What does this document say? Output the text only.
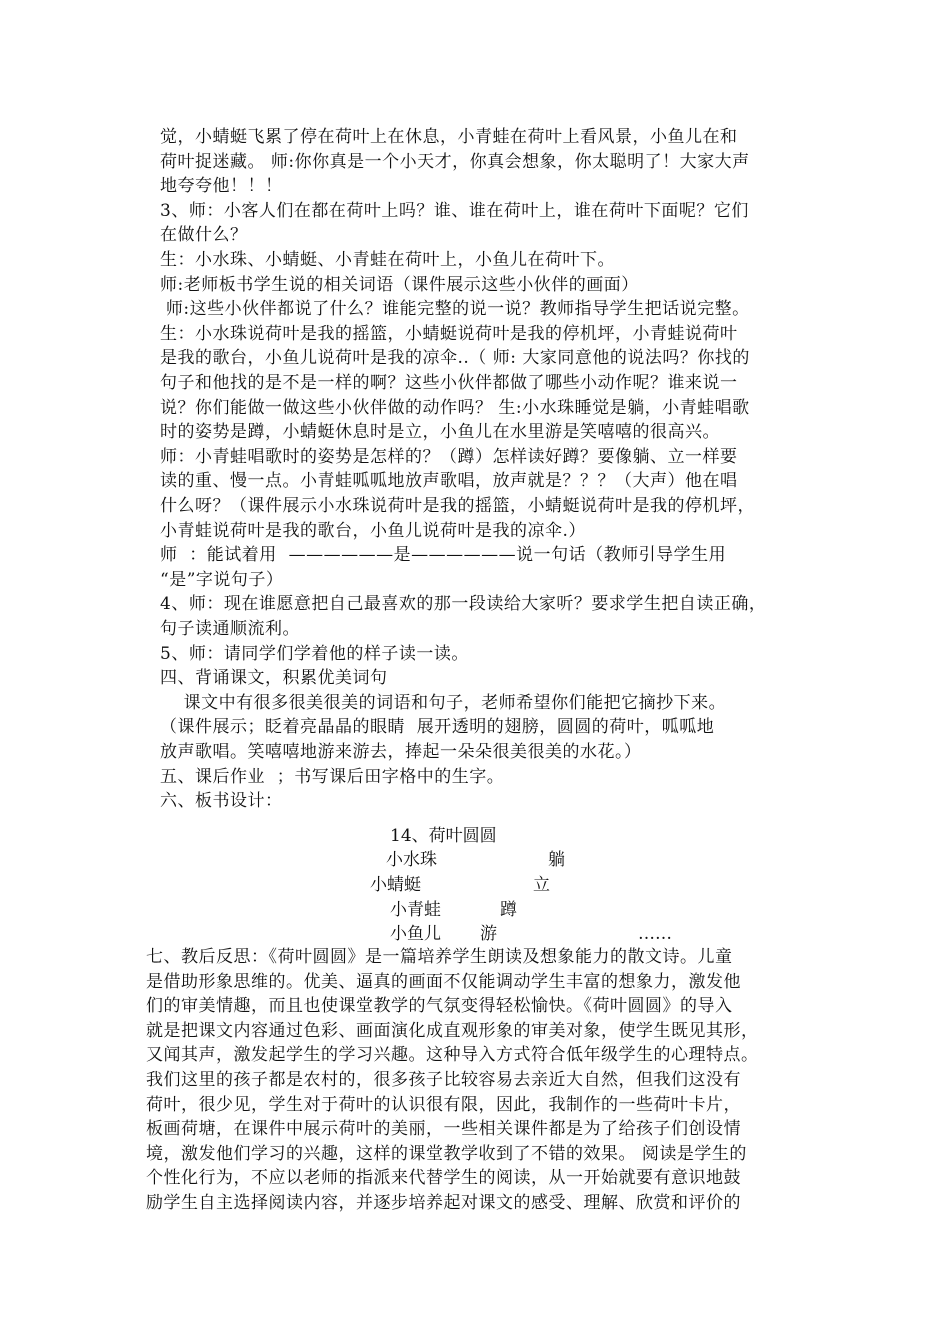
觉，小蜻蜓飞累了停在荷叶上在休息，小青蛙在荷叶上看风景，小鱼儿在和
荷叶捉迷藏。 师:你你真是一个小天才，你真会想象，你太聪明了！大家大声
地夸夸他！！！
3、师：小客人们在都在荷叶上吗？谁、谁在荷叶上，谁在荷叶下面呢？它们
在做什么？
生：小水珠、小蜻蜓、小青蛙在荷叶上，小鱼儿在荷叶下。
师:老师板书学生说的相关词语（课件展示这些小伙伴的画面）
师:这些小伙伴都说了什么？谁能完整的说一说？教师指导学生把话说完整。
生：小水珠说荷叶是我的摇篮，小蜻蜓说荷叶是我的停机坪，小青蛙说荷叶
是我的歌台，小鱼儿说荷叶是我的凉伞..（ 师: 大家同意他的说法吗？你找的
句子和他找的是不是一样的啊？这些小伙伴都做了哪些小动作呢？谁来说一
说？你们能做一做这些小伙伴做的动作吗？ 生:小水珠睡觉是躺，小青蛙唱歌
时的姿势是蹲，小蜻蜓休息时是立，小鱼儿在水里游是笑嘻嘻的很高兴。
师：小青蛙唱歌时的姿势是怎样的？（蹲）怎样读好蹲？要像躺、立一样要
读的重、慢一点。小青蛙呱呱地放声歌唱，放声就是？？？（大声）他在唱
什么呀？（课件展示小水珠说荷叶是我的摇篮，小蜻蜓说荷叶是我的停机坪，
小青蛙说荷叶是我的歌台，小鱼儿说荷叶是我的凉伞.）
师  ：能试着用  ——————是——————说一句话（教师引导学生用
“是”字说句子）
4、师：现在谁愿意把自己最喜欢的那一段读给大家听？要求学生把自读正确，
句子读通顺流利。
5、师：请同学们学着他的样子读一读。
四、背诵课文，积累优美词句
课文中有很多很美很美的词语和句子，老师希望你们能把它摘抄下来。
（课件展示；眨着亮晶晶的眼睛  展开透明的翅膀，圆圆的荷叶，呱呱地
放声歌唱。笑嘻嘻地游来游去，捧起一朵朵很美很美的水花。）
五、课后作业  ；书写课后田字格中的生字。
六、板书设计：
14、荷叶圆圆
小水珠	躺
小蜻蜓	立
小青蛙	蹲
小鱼儿 游	……
七、教后反思：《荷叶圆圆》是一篇培养学生朗读及想象能力的散文诗。儿童
是借助形象思维的。优美、逼真的画面不仅能调动学生丰富的想象力，激发他
们的审美情趣，而且也使课堂教学的气氛变得轻松愉快。《荷叶圆圆》的导入
就是把课文内容通过色彩、画面演化成直观形象的审美对象，使学生既见其形，
又闻其声，激发起学生的学习兴趣。这种导入方式符合低年级学生的心理特点。
我们这里的孩子都是农村的，很多孩子比较容易去亲近大自然，但我们这没有
荷叶，很少见，学生对于荷叶的认识很有限，因此，我制作的一些荷叶卡片，
板画荷塘，在课件中展示荷叶的美丽，一些相关课件都是为了给孩子们创设情
境，激发他们学习的兴趣，这样的课堂教学收到了不错的效果。 阅读是学生的
个性化行为，不应以老师的指派来代替学生的阅读，从一开始就要有意识地鼓
励学生自主选择阅读内容，并逐步培养起对课文的感受、理解、欣赏和评价的
